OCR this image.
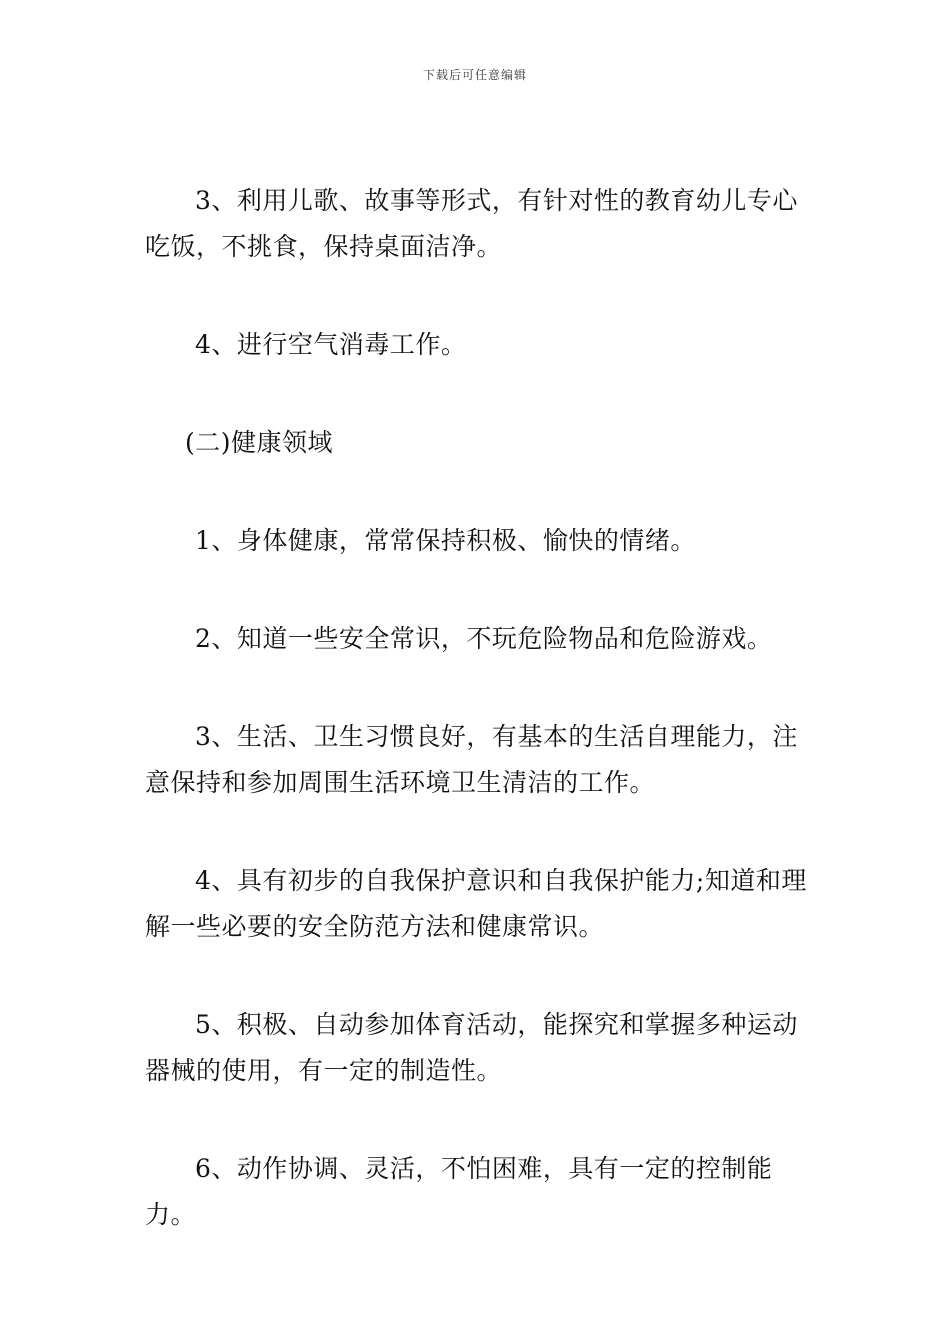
下载后可任意编辑

3、利用儿歌、故事等形式，有针对性的教育幼儿专心吃饭，不挑食，保持桌面洁净。

4、进行空气消毒工作。

(二)健康领域

1、身体健康，常常保持积极、愉快的情绪。

2、知道一些安全常识，不玩危险物品和危险游戏。

3、生活、卫生习惯良好，有基本的生活自理能力，注意保持和参加周围生活环境卫生清洁的工作。

4、具有初步的自我保护意识和自我保护能力;知道和理解一些必要的安全防范方法和健康常识。

5、积极、自动参加体育活动，能探究和掌握多种运动器械的使用，有一定的制造性。

6、动作协调、灵活，不怕困难，具有一定的控制能力。
